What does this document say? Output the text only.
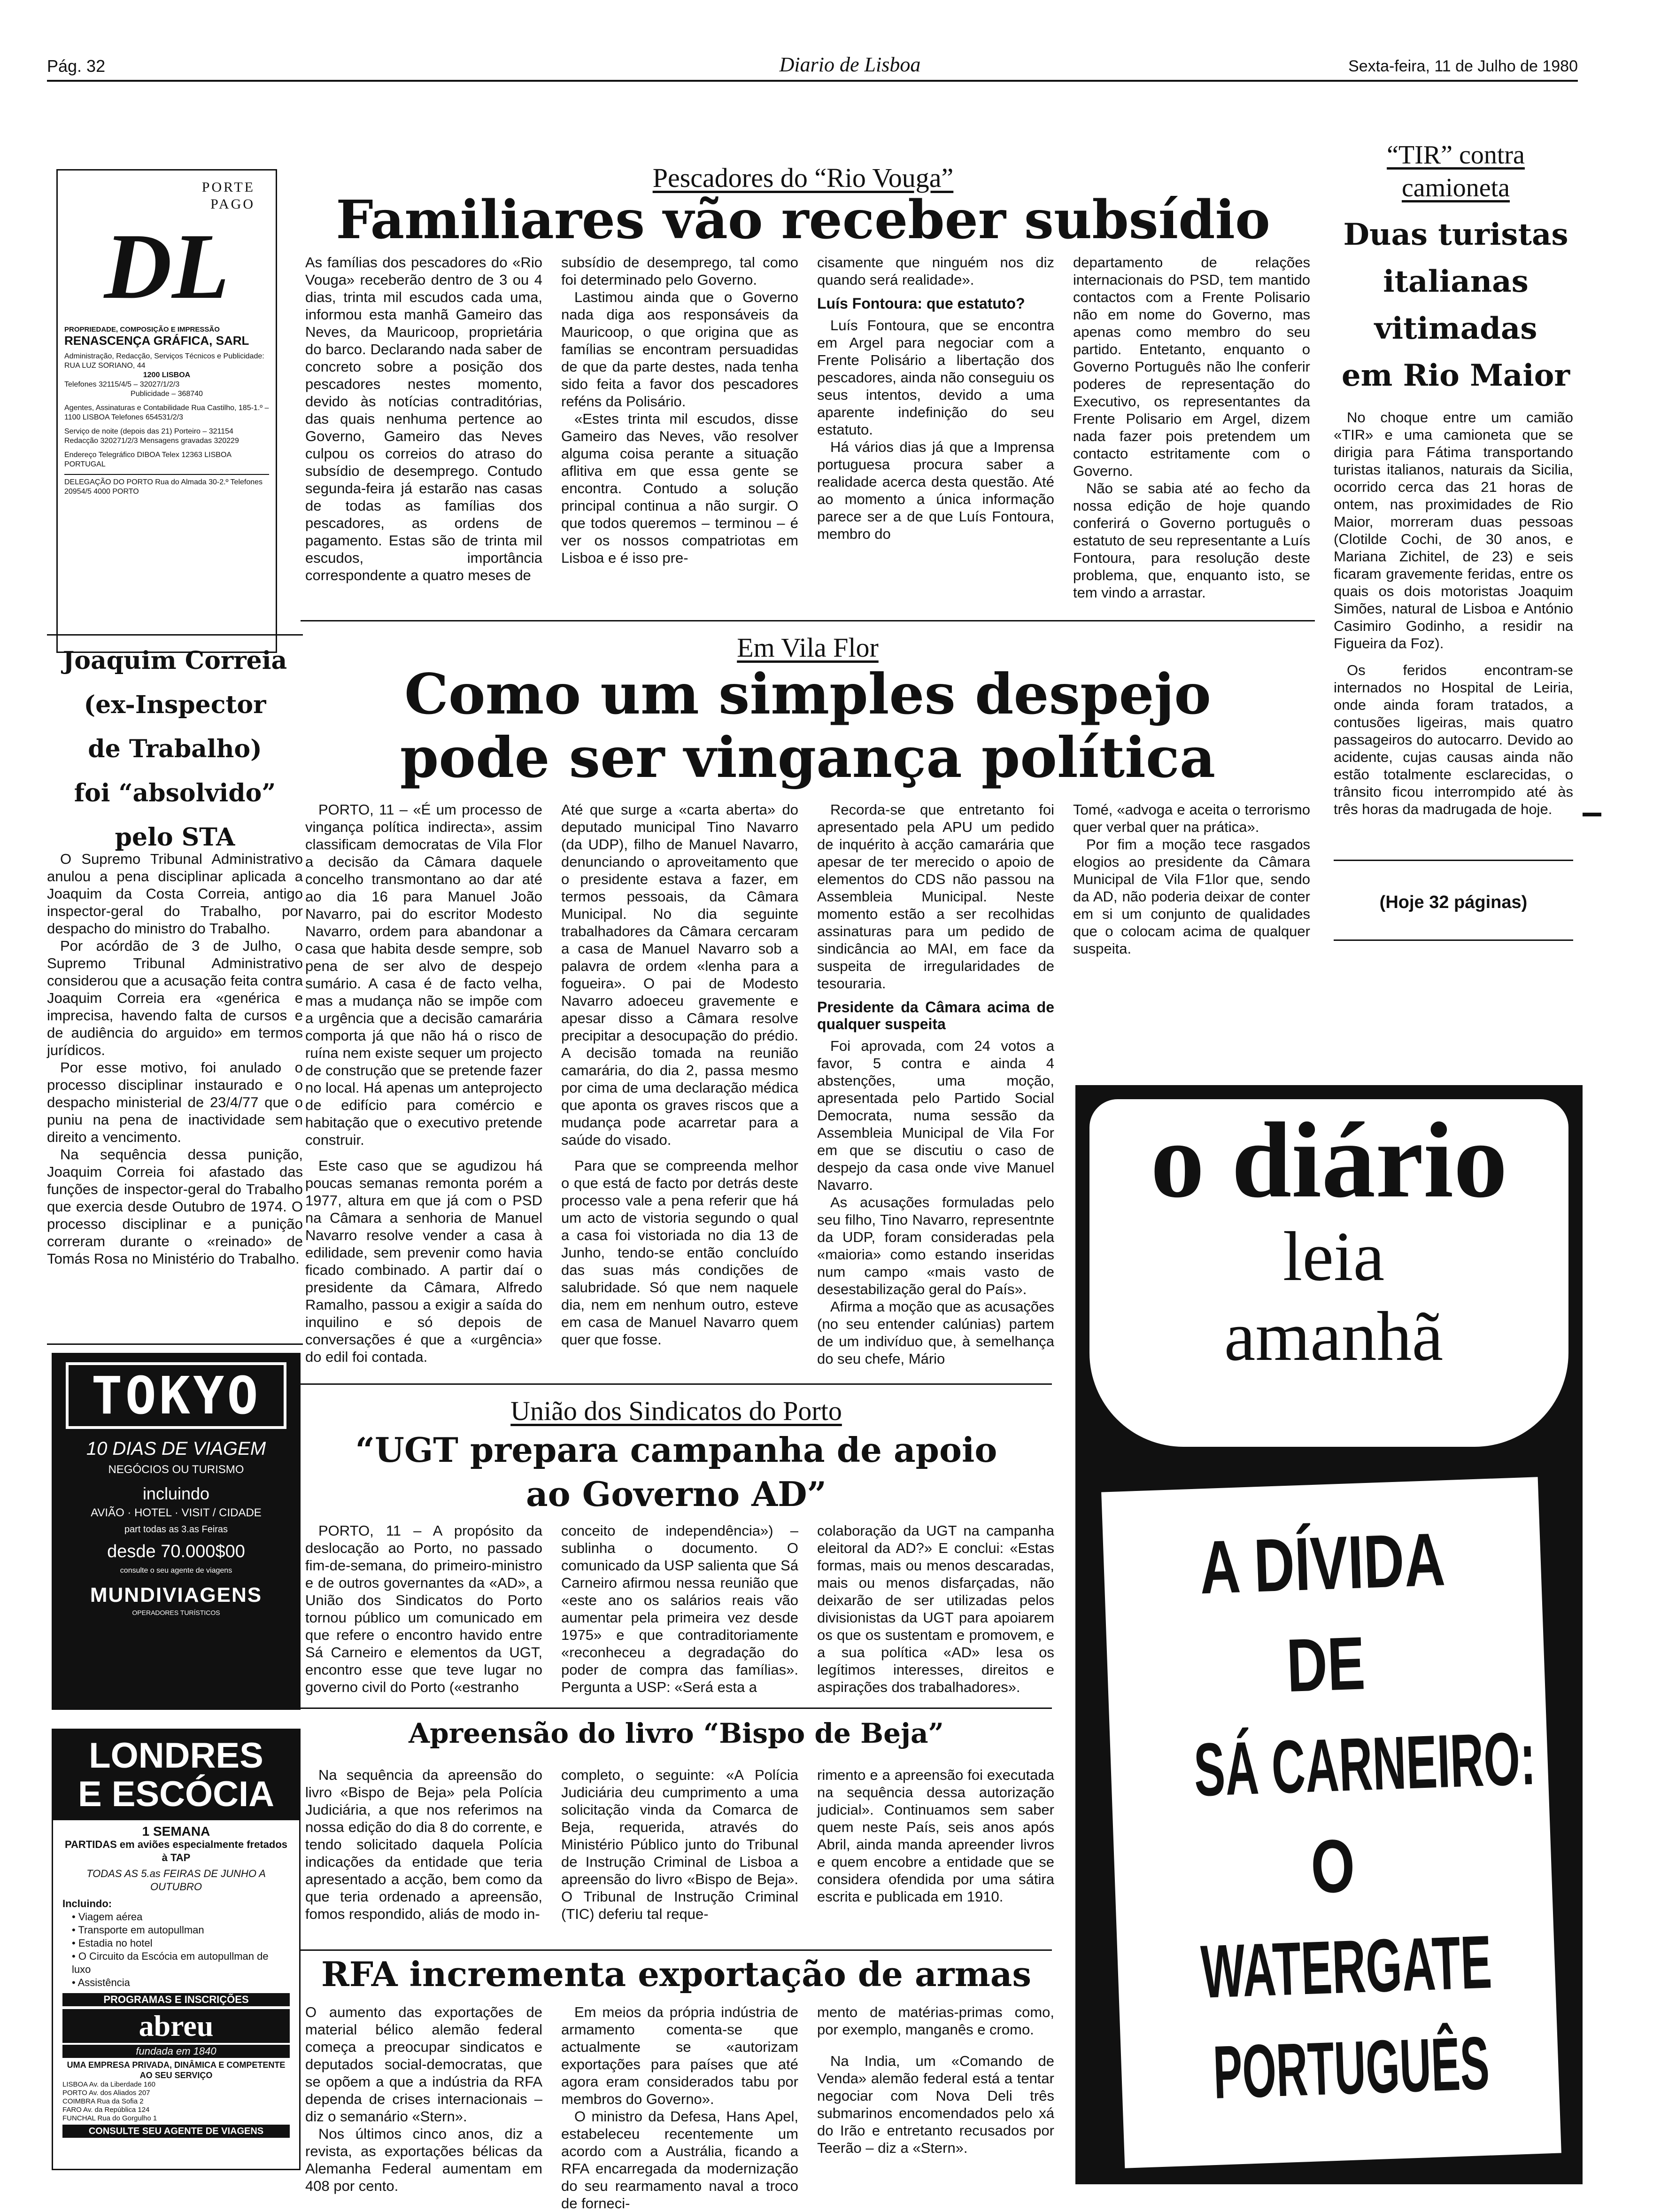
Pág. 32	Diario de Lisboa	Sexta-feira, 11 de Julho de 1980
PORTE PAGO
DL
PROPRIEDADE, COMPOSIÇÃO E IMPRESSÃO
RENASCENÇA GRÁFICA, SARL
Administração, Redacção, Serviços Técnicos e Publicidade: RUA LUZ SORIANO, 44
1200 LISBOA
Telefones 32115/4/5 – 32027/1/2/3
Publicidade – 368740
Agentes, Assinaturas e Contabilidade Rua Castilho, 185-1.º – 1100 LISBOA Telefones 654531/2/3
Serviço de noite (depois das 21) Porteiro – 321154 Redacção 320271/2/3 Mensagens gravadas 320229
Endereço Telegráfico DIBOA Telex 12363 LISBOA PORTUGAL
DELEGAÇÃO DO PORTO Rua do Almada 30-2.º Telefones 20954/5 4000 PORTO
Joaquim Correia
(ex-Inspector
de Trabalho)
foi “absolvido”
pelo STA

O Supremo Tribunal Administrativo anulou a pena disciplinar aplicada a Joaquim da Costa Correia, antigo inspector-geral do Trabalho, por despacho do ministro do Trabalho.

Por acórdão de 3 de Julho, o Supremo Tribunal Administrativo considerou que a acusação feita contra Joaquim Correia era «genérica e imprecisa, havendo falta de cursos e de audiência do arguido» em termos jurídicos.

Por esse motivo, foi anulado o processo disciplinar instaurado e o despacho ministerial de 23/4/77 que o puniu na pena de inactividade sem direito a vencimento.

Na sequência dessa punição, Joaquim Correia foi afastado das funções de inspector-geral do Trabalho que exercia desde Outubro de 1974. O processo disciplinar e a punição correram durante o «reinado» de Tomás Rosa no Ministério do Trabalho.

TOKYO
10 DIAS DE VIAGEM
NEGÓCIOS OU TURISMO
incluindo
AVIÃO · HOTEL · VISIT / CIDADE
part todas as 3.as Feiras
desde 70.000$00
consulte o seu agente de viagens
MUNDIVIAGENS
OPERADORES TURÍSTICOS
LONDRES
E ESCÓCIA
1 SEMANA
PARTIDAS em aviões especialmente fretados à TAP
TODAS AS 5.as FEIRAS DE JUNHO A OUTUBRO
Incluindo:
• Viagem aérea
• Transporte em autopullman
• Estadia no hotel
• O Circuito da Escócia em autopullman de luxo
• Assistência
PROGRAMAS E INSCRIÇÕES
abreu
fundada em 1840
UMA EMPRESA PRIVADA, DINÂMICA E COMPETENTE AO SEU SERVIÇO
LISBOA Av. da Liberdade 160
PORTO Av. dos Aliados 207
COIMBRA Rua da Sofia 2
FARO Av. da República 124
FUNCHAL Rua do Gorgulho 1
CONSULTE SEU AGENTE DE VIAGENS
Pescadores do “Rio Vouga”
Familiares vão receber subsídio
As famílias dos pescadores do «Rio Vouga» receberão dentro de 3 ou 4 dias, trinta mil escudos cada uma, informou esta manhã Gameiro das Neves, da Mauricoop, proprietária do barco. Declarando nada saber de concreto sobre a posição dos pescadores nestes momento, devido às notícias contraditórias, das quais nenhuma pertence ao Governo, Gameiro das Neves culpou os correios do atraso do subsídio de desemprego. Contudo segunda-feira já estarão nas casas de todas as famílias dos pescadores, as ordens de pagamento. Estas são de trinta mil escudos, importância correspondente a quatro meses de

subsídio de desemprego, tal como foi determinado pelo Governo.

Lastimou ainda que o Governo nada diga aos responsáveis da Mauricoop, o que origina que as famílias se encontram persuadidas de que da parte destes, nada tenha sido feita a favor dos pescadores reféns da Polisário.

«Estes trinta mil escudos, disse Gameiro das Neves, vão resolver alguma coisa perante a situação aflitiva em que essa gente se encontra. Contudo a solução principal continua a não surgir. O que todos queremos – terminou – é ver os nossos compatriotas em Lisboa e é isso pre-

cisamente que ninguém nos diz quando será realidade».

Luís Fontoura: que estatuto?

Luís Fontoura, que se encontra em Argel para negociar com a Frente Polisário a libertação dos pescadores, ainda não conseguiu os seus intentos, devido a uma aparente indefinição do seu estatuto.

Há vários dias já que a Imprensa portuguesa procura saber a realidade acerca desta questão. Até ao momento a única informação parece ser a de que Luís Fontoura, membro do

departamento de relações internacionais do PSD, tem mantido contactos com a Frente Polisario não em nome do Governo, mas apenas como membro do seu partido. Entetanto, enquanto o Governo Português não lhe conferir poderes de representação do Executivo, os representantes da Frente Polisario em Argel, dizem nada fazer pois pretendem um contacto estritamente com o Governo.

Não se sabia até ao fecho da nossa edição de hoje quando conferirá o Governo português o estatuto de seu representante a Luís Fontoura, para resolução deste problema, que, enquanto isto, se tem vindo a arrastar.

“TIR” contra
camioneta
Duas turistas
italianas
vitimadas
em Rio Maior

No choque entre um camião «TIR» e uma camioneta que se dirigia para Fátima transportando turistas italianos, naturais da Sicilia, ocorrido cerca das 21 horas de ontem, nas proximidades de Rio Maior, morreram duas pessoas (Clotilde Cochi, de 30 anos, e Mariana Zichitel, de 23) e seis ficaram gravemente feridas, entre os quais os dois motoristas Joaquim Simões, natural de Lisboa e António Casimiro Godinho, a residir na Figueira da Foz).

Os feridos encontram-se internados no Hospital de Leiria, onde ainda foram tratados, a contusões ligeiras, mais quatro passageiros do autocarro. Devido ao acidente, cujas causas ainda não estão totalmente esclarecidas, o trânsito ficou interrompido até às três horas da madrugada de hoje.

(Hoje 32 páginas)
Em Vila Flor
Como um simples despejo
pode ser vingança política

PORTO, 11 – «É um processo de vingança política indirecta», assim classificam democratas de Vila Flor a decisão da Câmara daquele concelho transmontano ao dar até ao dia 16 para Manuel João Navarro, pai do escritor Modesto Navarro, ordem para abandonar a casa que habita desde sempre, sob pena de ser alvo de despejo sumário. A casa é de facto velha, mas a mudança não se impõe com a urgência que a decisão camarária comporta já que não há o risco de ruína nem existe sequer um projecto de construção que se pretende fazer no local. Há apenas um anteprojecto de edifício para comércio e habitação que o executivo pretende construir.

Este caso que se agudizou há poucas semanas remonta porém a 1977, altura em que já com o PSD na Câmara a senhoria de Manuel Navarro resolve vender a casa à edilidade, sem prevenir como havia ficado combinado. A partir daí o presidente da Câmara, Alfredo Ramalho, passou a exigir a saída do inquilino e só depois de conversações é que a «urgência» do edil foi contada.

Até que surge a «carta aberta» do deputado municipal Tino Navarro (da UDP), filho de Manuel Navarro, denunciando o aproveitamento que o presidente estava a fazer, em termos pessoais, da Câmara Municipal. No dia seguinte trabalhadores da Câmara cercaram a casa de Manuel Navarro sob a palavra de ordem «lenha para a fogueira». O pai de Modesto Navarro adoeceu gravemente e apesar disso a Câmara resolve precipitar a desocupação do prédio. A decisão tomada na reunião camarária, do dia 2, passa mesmo por cima de uma declaração médica que aponta os graves riscos que a mudança pode acarretar para a saúde do visado.

Para que se compreenda melhor o que está de facto por detrás deste processo vale a pena referir que há um acto de vistoria segundo o qual a casa foi vistoriada no dia 13 de Junho, tendo-se então concluído das suas más condições de salubridade. Só que nem naquele dia, nem em nenhum outro, esteve em casa de Manuel Navarro quem quer que fosse.

Recorda-se que entretanto foi apresentado pela APU um pedido de inquérito à acção camarária que apesar de ter merecido o apoio de elementos do CDS não passou na Assembleia Municipal. Neste momento estão a ser recolhidas assinaturas para um pedido de sindicância ao MAI, em face da suspeita de irregularidades de tesouraria.

Presidente da Câmara acima de qualquer suspeita

Foi aprovada, com 24 votos a favor, 5 contra e ainda 4 abstenções, uma moção, apresentada pelo Partido Social Democrata, numa sessão da Assembleia Municipal de Vila For em que se discutiu o caso de despejo da casa onde vive Manuel Navarro.

As acusações formuladas pelo seu filho, Tino Navarro, representnte da UDP, foram consideradas pela «maioria» como estando inseridas num campo «mais vasto de desestabilização geral do País».

Afirma a moção que as acusações (no seu entender calúnias) partem de um indivíduo que, à semelhança do seu chefe, Mário

Tomé, «advoga e aceita o terrorismo quer verbal quer na prática».

Por fim a moção tece rasgados elogios ao presidente da Câmara Municipal de Vila F1lor que, sendo da AD, não poderia deixar de conter em si um conjunto de qualidades que o colocam acima de qualquer suspeita.

o diário
leia
amanhã
A DÍVIDA
DE
SÁ CARNEIRO:
O
WATERGATE
PORTUGUÊS
União dos Sindicatos do Porto
“UGT prepara campanha de apoio
ao Governo AD”

PORTO, 11 – A propósito da deslocação ao Porto, no passado fim-de-semana, do primeiro-ministro e de outros governantes da «AD», a União dos Sindicatos do Porto tornou público um comunicado em que refere o encontro havido entre Sá Carneiro e elementos da UGT, encontro esse que teve lugar no governo civil do Porto («estranho

conceito de independência») – sublinha o documento. O comunicado da USP salienta que Sá Carneiro afirmou nessa reunião que «este ano os salários reais vão aumentar pela primeira vez desde 1975» e que contraditoriamente «reconheceu a degradação do poder de compra das famílias». Pergunta a USP: «Será esta a

colaboração da UGT na campanha eleitoral da AD?» E conclui: «Estas formas, mais ou menos descaradas, mais ou menos disfarçadas, não deixarão de ser utilizadas pelos divisionistas da UGT para apoiarem os que os sustentam e promovem, e a sua política «AD» lesa os legítimos interesses, direitos e aspirações dos trabalhadores».

Apreensão do livro “Bispo de Beja”

Na sequência da apreensão do livro «Bispo de Beja» pela Polícia Judiciária, a que nos referimos na nossa edição do dia 8 do corrente, e tendo solicitado daquela Polícia indicações da entidade que teria apresentado a acção, bem como da que teria ordenado a apreensão, fomos respondido, aliás de modo in-

completo, o seguinte: «A Polícia Judiciária deu cumprimento a uma solicitação vinda da Comarca de Beja, requerida, através do Ministério Público junto do Tribunal de Instrução Criminal de Lisboa a apreensão do livro «Bispo de Beja». O Tribunal de Instrução Criminal (TIC) deferiu tal reque-

rimento e a apreensão foi executada na sequência dessa autorização judicial». Continuamos sem saber quem neste País, seis anos após Abril, ainda manda apreender livros e quem encobre a entidade que se considera ofendida por uma sátira escrita e publicada em 1910.

RFA incrementa exportação de armas

O aumento das exportações de material bélico alemão federal começa a preocupar sindicatos e deputados social-democratas, que se opõem a que a indústria da RFA dependa de crises internacionais – diz o semanário «Stern».

Nos últimos cinco anos, diz a revista, as exportações bélicas da Alemanha Federal aumentam em 408 por cento.

Em meios da própria indústria de armamento comenta-se que actualmente se «autorizam exportações para países que até agora eram considerados tabu por membros do Governo».

O ministro da Defesa, Hans Apel, estabeleceu recentemente um acordo com a Austrália, ficando a RFA encarregada da modernização do seu rearmamento naval a troco de forneci-

mento de matérias-primas como, por exemplo, manganês e cromo.

Na India, um «Comando de Venda» alemão federal está a tentar negociar com Nova Deli três submarinos encomendados pelo xá do Irão e entretanto recusados por Teerão – diz a «Stern».
